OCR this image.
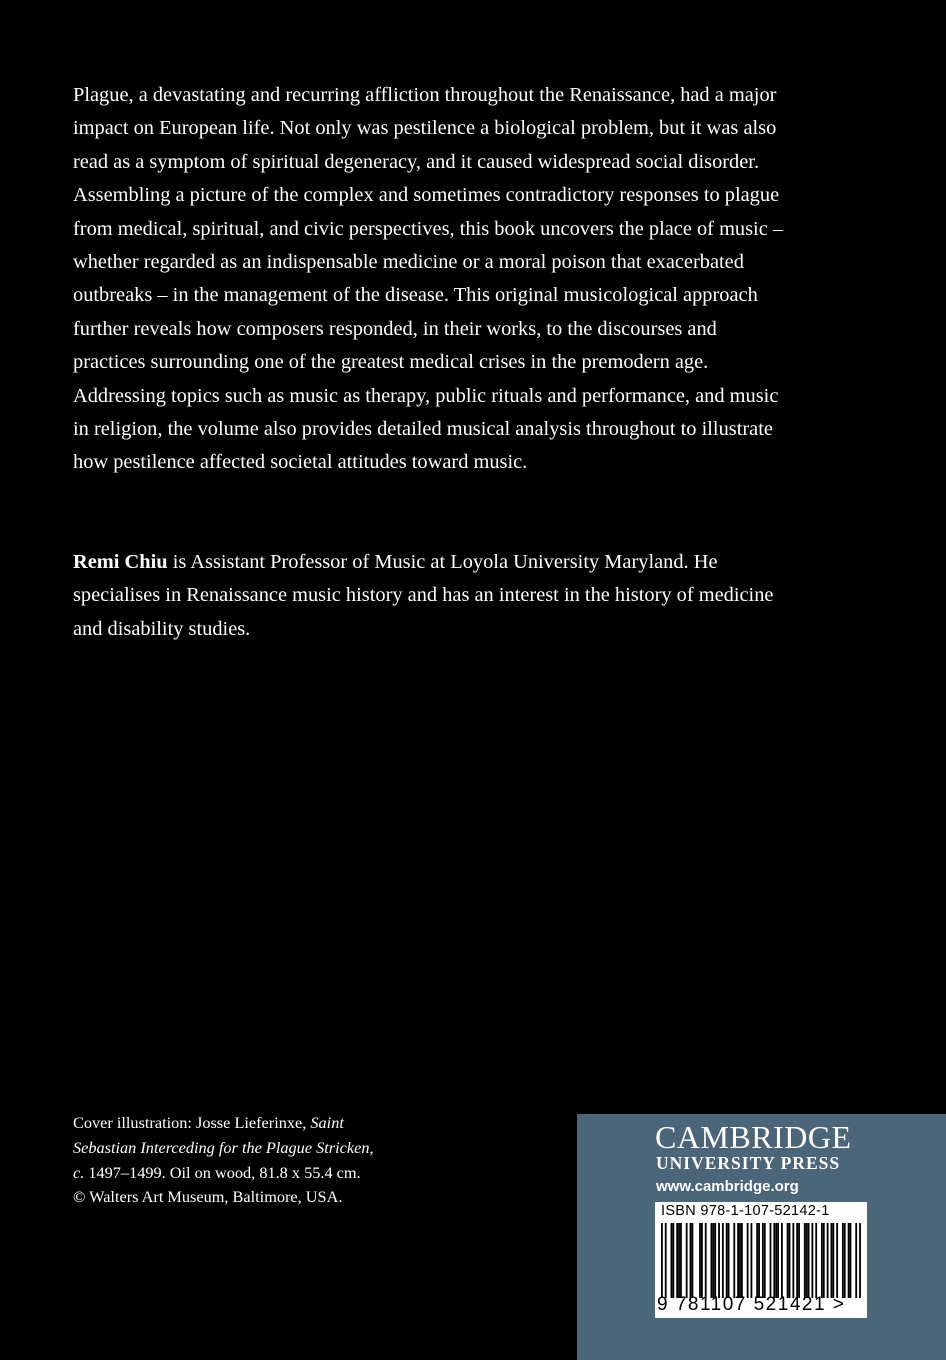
Plague, a devastating and recurring affliction throughout the Renaissance, had a major impact on European life. Not only was pestilence a biological problem, but it was also read as a symptom of spiritual degeneracy, and it caused widespread social disorder. Assembling a picture of the complex and sometimes contradictory responses to plague from medical, spiritual, and civic perspectives, this book uncovers the place of music – whether regarded as an indispensable medicine or a moral poison that exacerbated outbreaks – in the management of the disease. This original musicological approach further reveals how composers responded, in their works, to the discourses and practices surrounding one of the greatest medical crises in the premodern age. Addressing topics such as music as therapy, public rituals and performance, and music in religion, the volume also provides detailed musical analysis throughout to illustrate how pestilence affected societal attitudes toward music.

Remi Chiu is Assistant Professor of Music at Loyola University Maryland. He specialises in Renaissance music history and has an interest in the history of medicine and disability studies.

Cover illustration: Josse Lieferinxe, Saint Sebastian Interceding for the Plague Stricken,
c. 1497–1499. Oil on wood, 81.8 x 55.4 cm.
© Walters Art Museum, Baltimore, USA.

CAMBRIDGE
UNIVERSITY PRESS
www.cambridge.org
ISBN 978-1-107-52142-1
9 781107 521421 >
